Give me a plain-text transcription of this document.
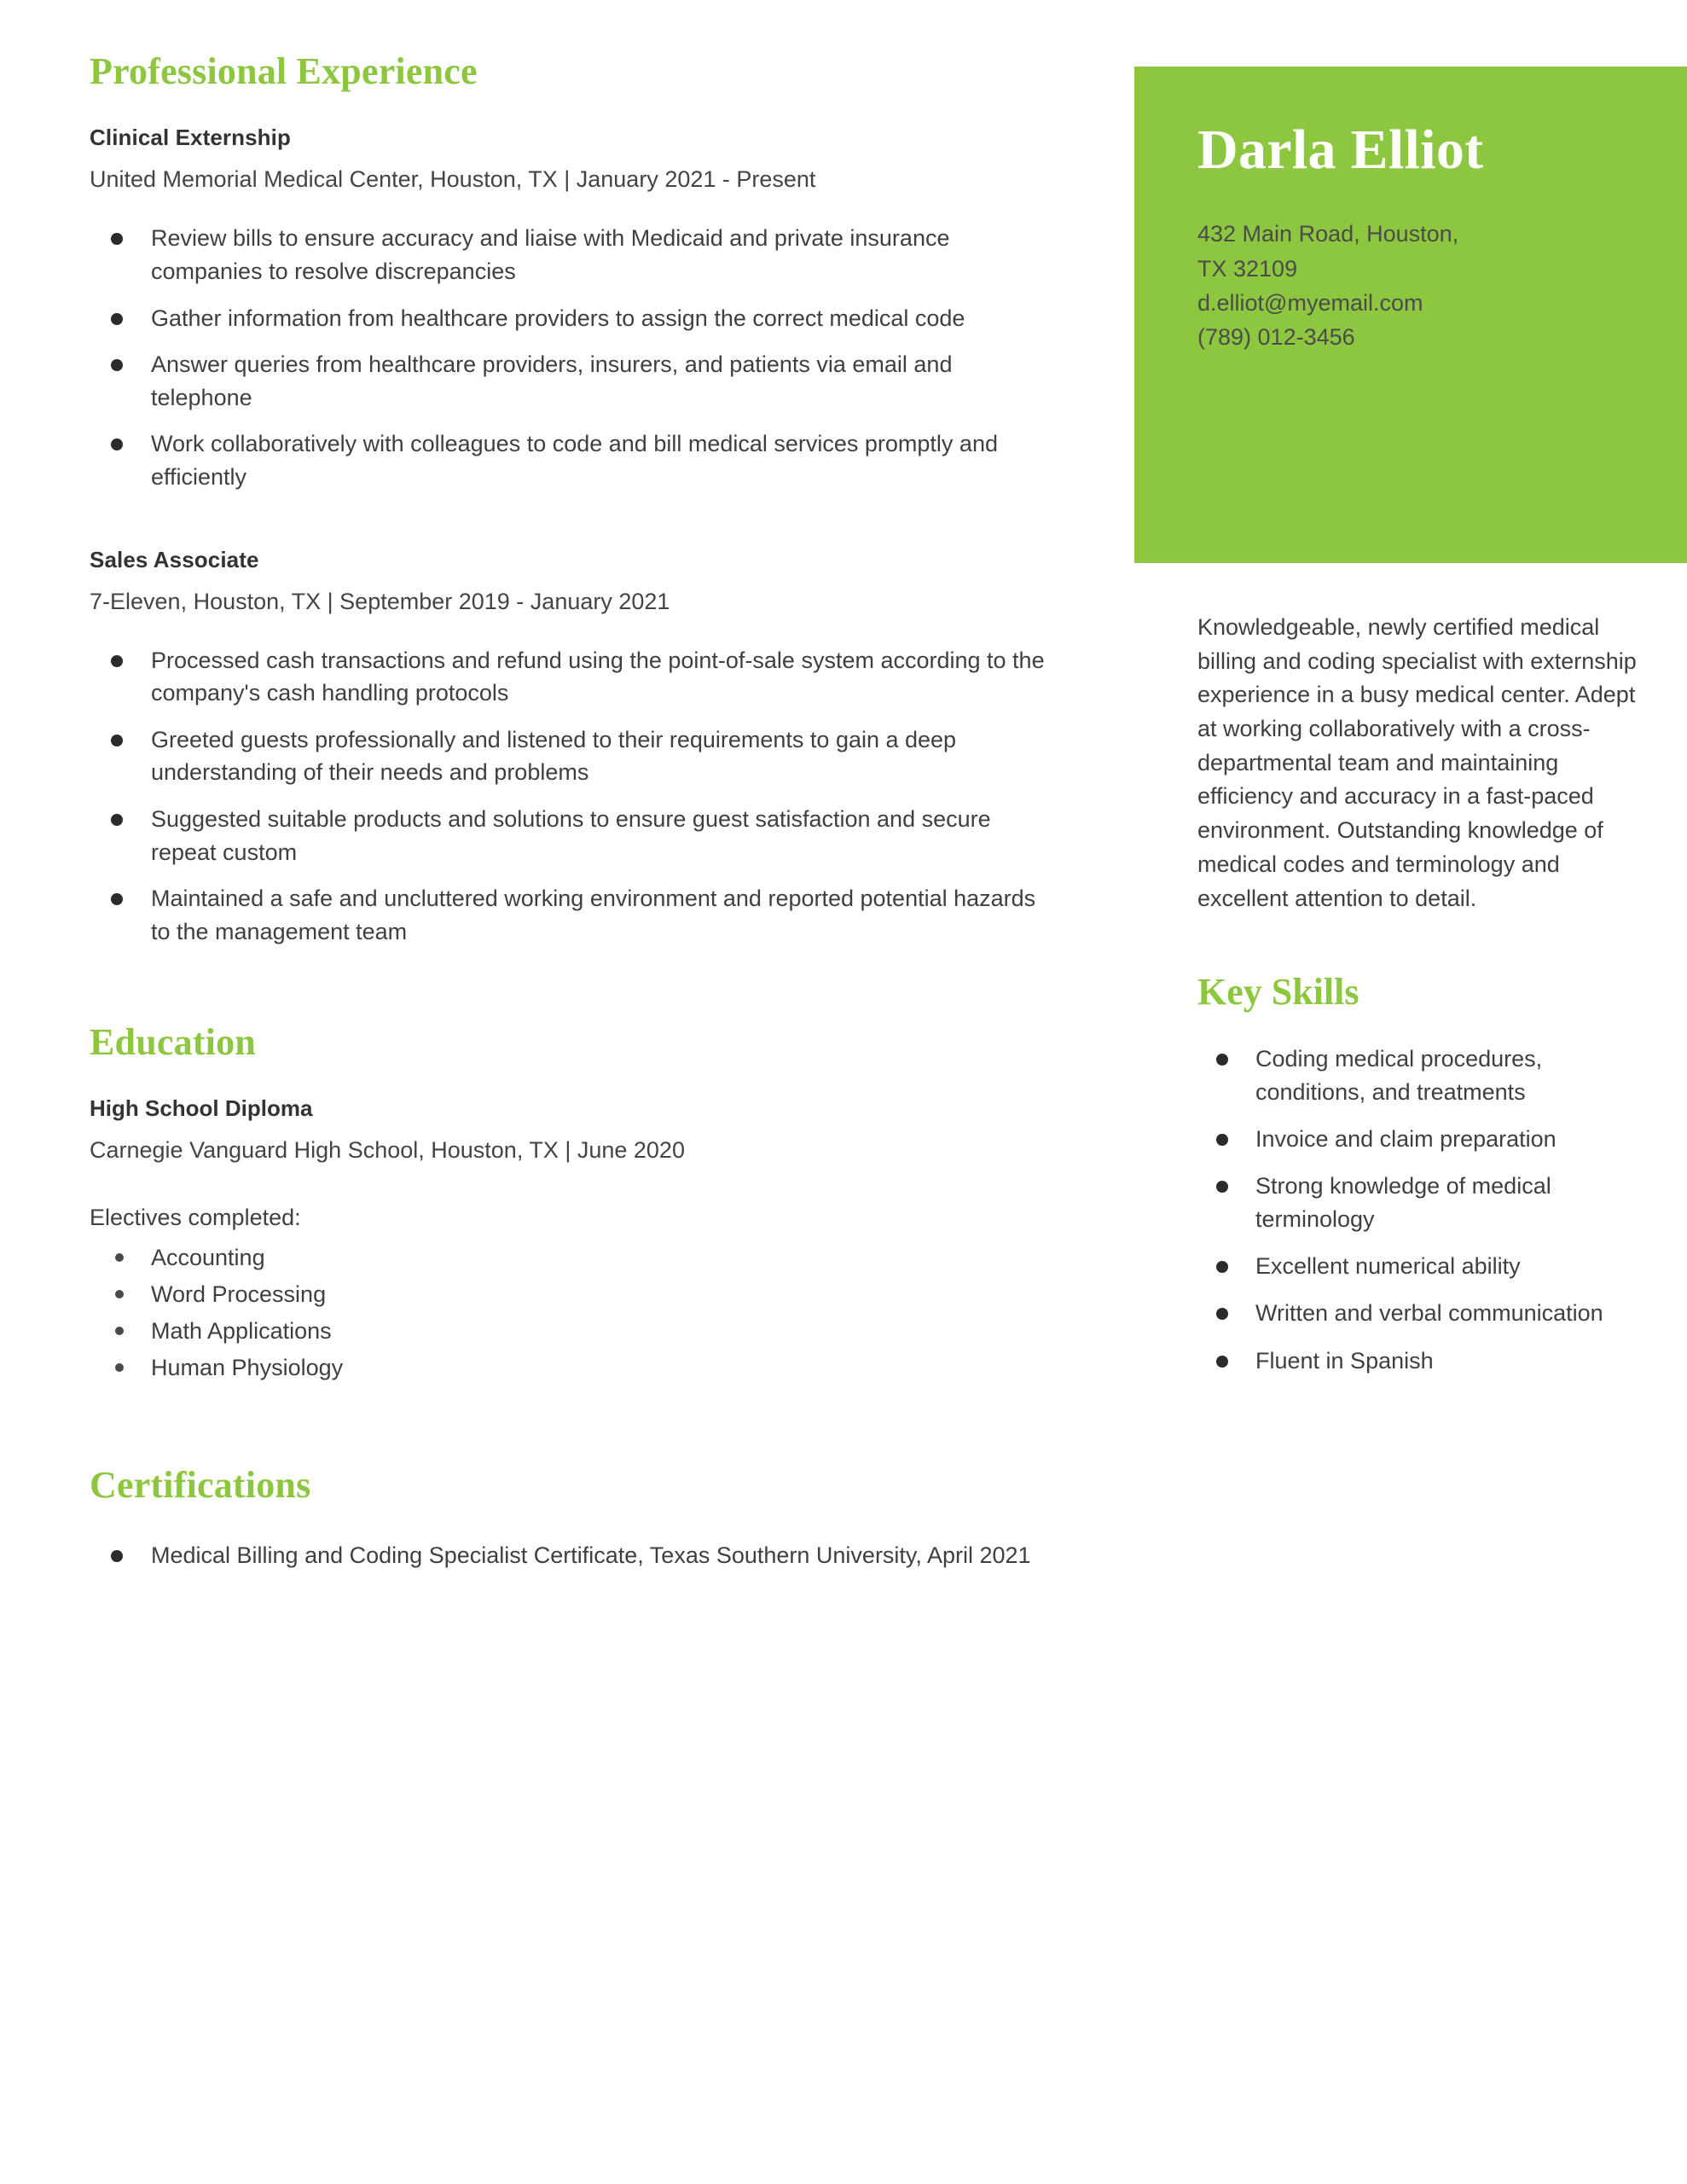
Professional Experience
Clinical Externship
United Memorial Medical Center, Houston, TX | January 2021 - Present
Review bills to ensure accuracy and liaise with Medicaid and private insurance companies to resolve discrepancies
Gather information from healthcare providers to assign the correct medical code
Answer queries from healthcare providers, insurers, and patients via email and telephone
Work collaboratively with colleagues to code and bill medical services promptly and efficiently
Sales Associate
7-Eleven, Houston, TX | September 2019 - January 2021
Processed cash transactions and refund using the point-of-sale system according to the company's cash handling protocols
Greeted guests professionally and listened to their requirements to gain a deep understanding of their needs and problems
Suggested suitable products and solutions to ensure guest satisfaction and secure repeat custom
Maintained a safe and uncluttered working environment and reported potential hazards to the management team
Education
High School Diploma
Carnegie Vanguard High School, Houston, TX | June 2020
Electives completed:
Accounting
Word Processing
Math Applications
Human Physiology
Certifications
Medical Billing and Coding Specialist Certificate, Texas Southern University, April 2021
Darla Elliot

432 Main Road, Houston,

TX 32109

d.elliot@myemail.com

(789) 012-3456

Knowledgeable, newly certified medical billing and coding specialist with externship experience in a busy medical center. Adept at working collaboratively with a cross-departmental team and maintaining efficiency and accuracy in a fast-paced environment. Outstanding knowledge of medical codes and terminology and excellent attention to detail.
Key Skills
Coding medical procedures, conditions, and treatments
Invoice and claim preparation
Strong knowledge of medical terminology
Excellent numerical ability
Written and verbal communication
Fluent in Spanish
